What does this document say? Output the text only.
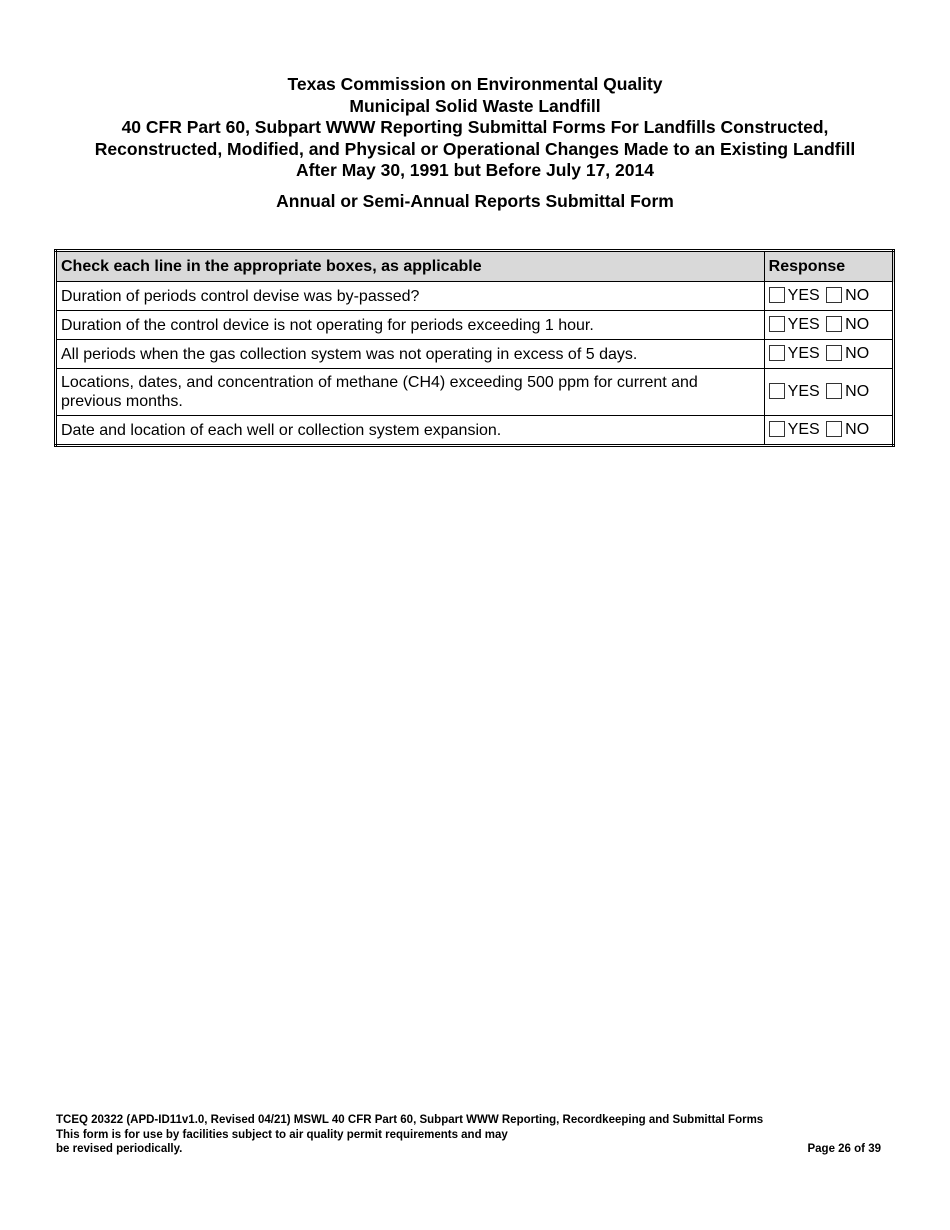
Texas Commission on Environmental Quality
Municipal Solid Waste Landfill
40 CFR Part 60, Subpart WWW Reporting Submittal Forms For Landfills Constructed,
Reconstructed, Modified, and Physical or Operational Changes Made to an Existing Landfill
After May 30, 1991 but Before July 17, 2014
Annual or Semi-Annual Reports Submittal Form
Check each line in the appropriate boxes, as applicable	Response
Duration of periods control devise was by-passed?	YES NO
Duration of the control device is not operating for periods exceeding 1 hour.	YES NO
All periods when the gas collection system was not operating in excess of 5 days.	YES NO
Locations, dates, and concentration of methane (CH4) exceeding 500 ppm for current and previous months.	YES NO
Date and location of each well or collection system expansion.	YES NO
TCEQ 20322 (APD-ID11v1.0, Revised 04/21) MSWL 40 CFR Part 60, Subpart WWW Reporting, Recordkeeping and Submittal Forms
This form is for use by facilities subject to air quality permit requirements and may
be revised periodically.	Page 26 of 39
